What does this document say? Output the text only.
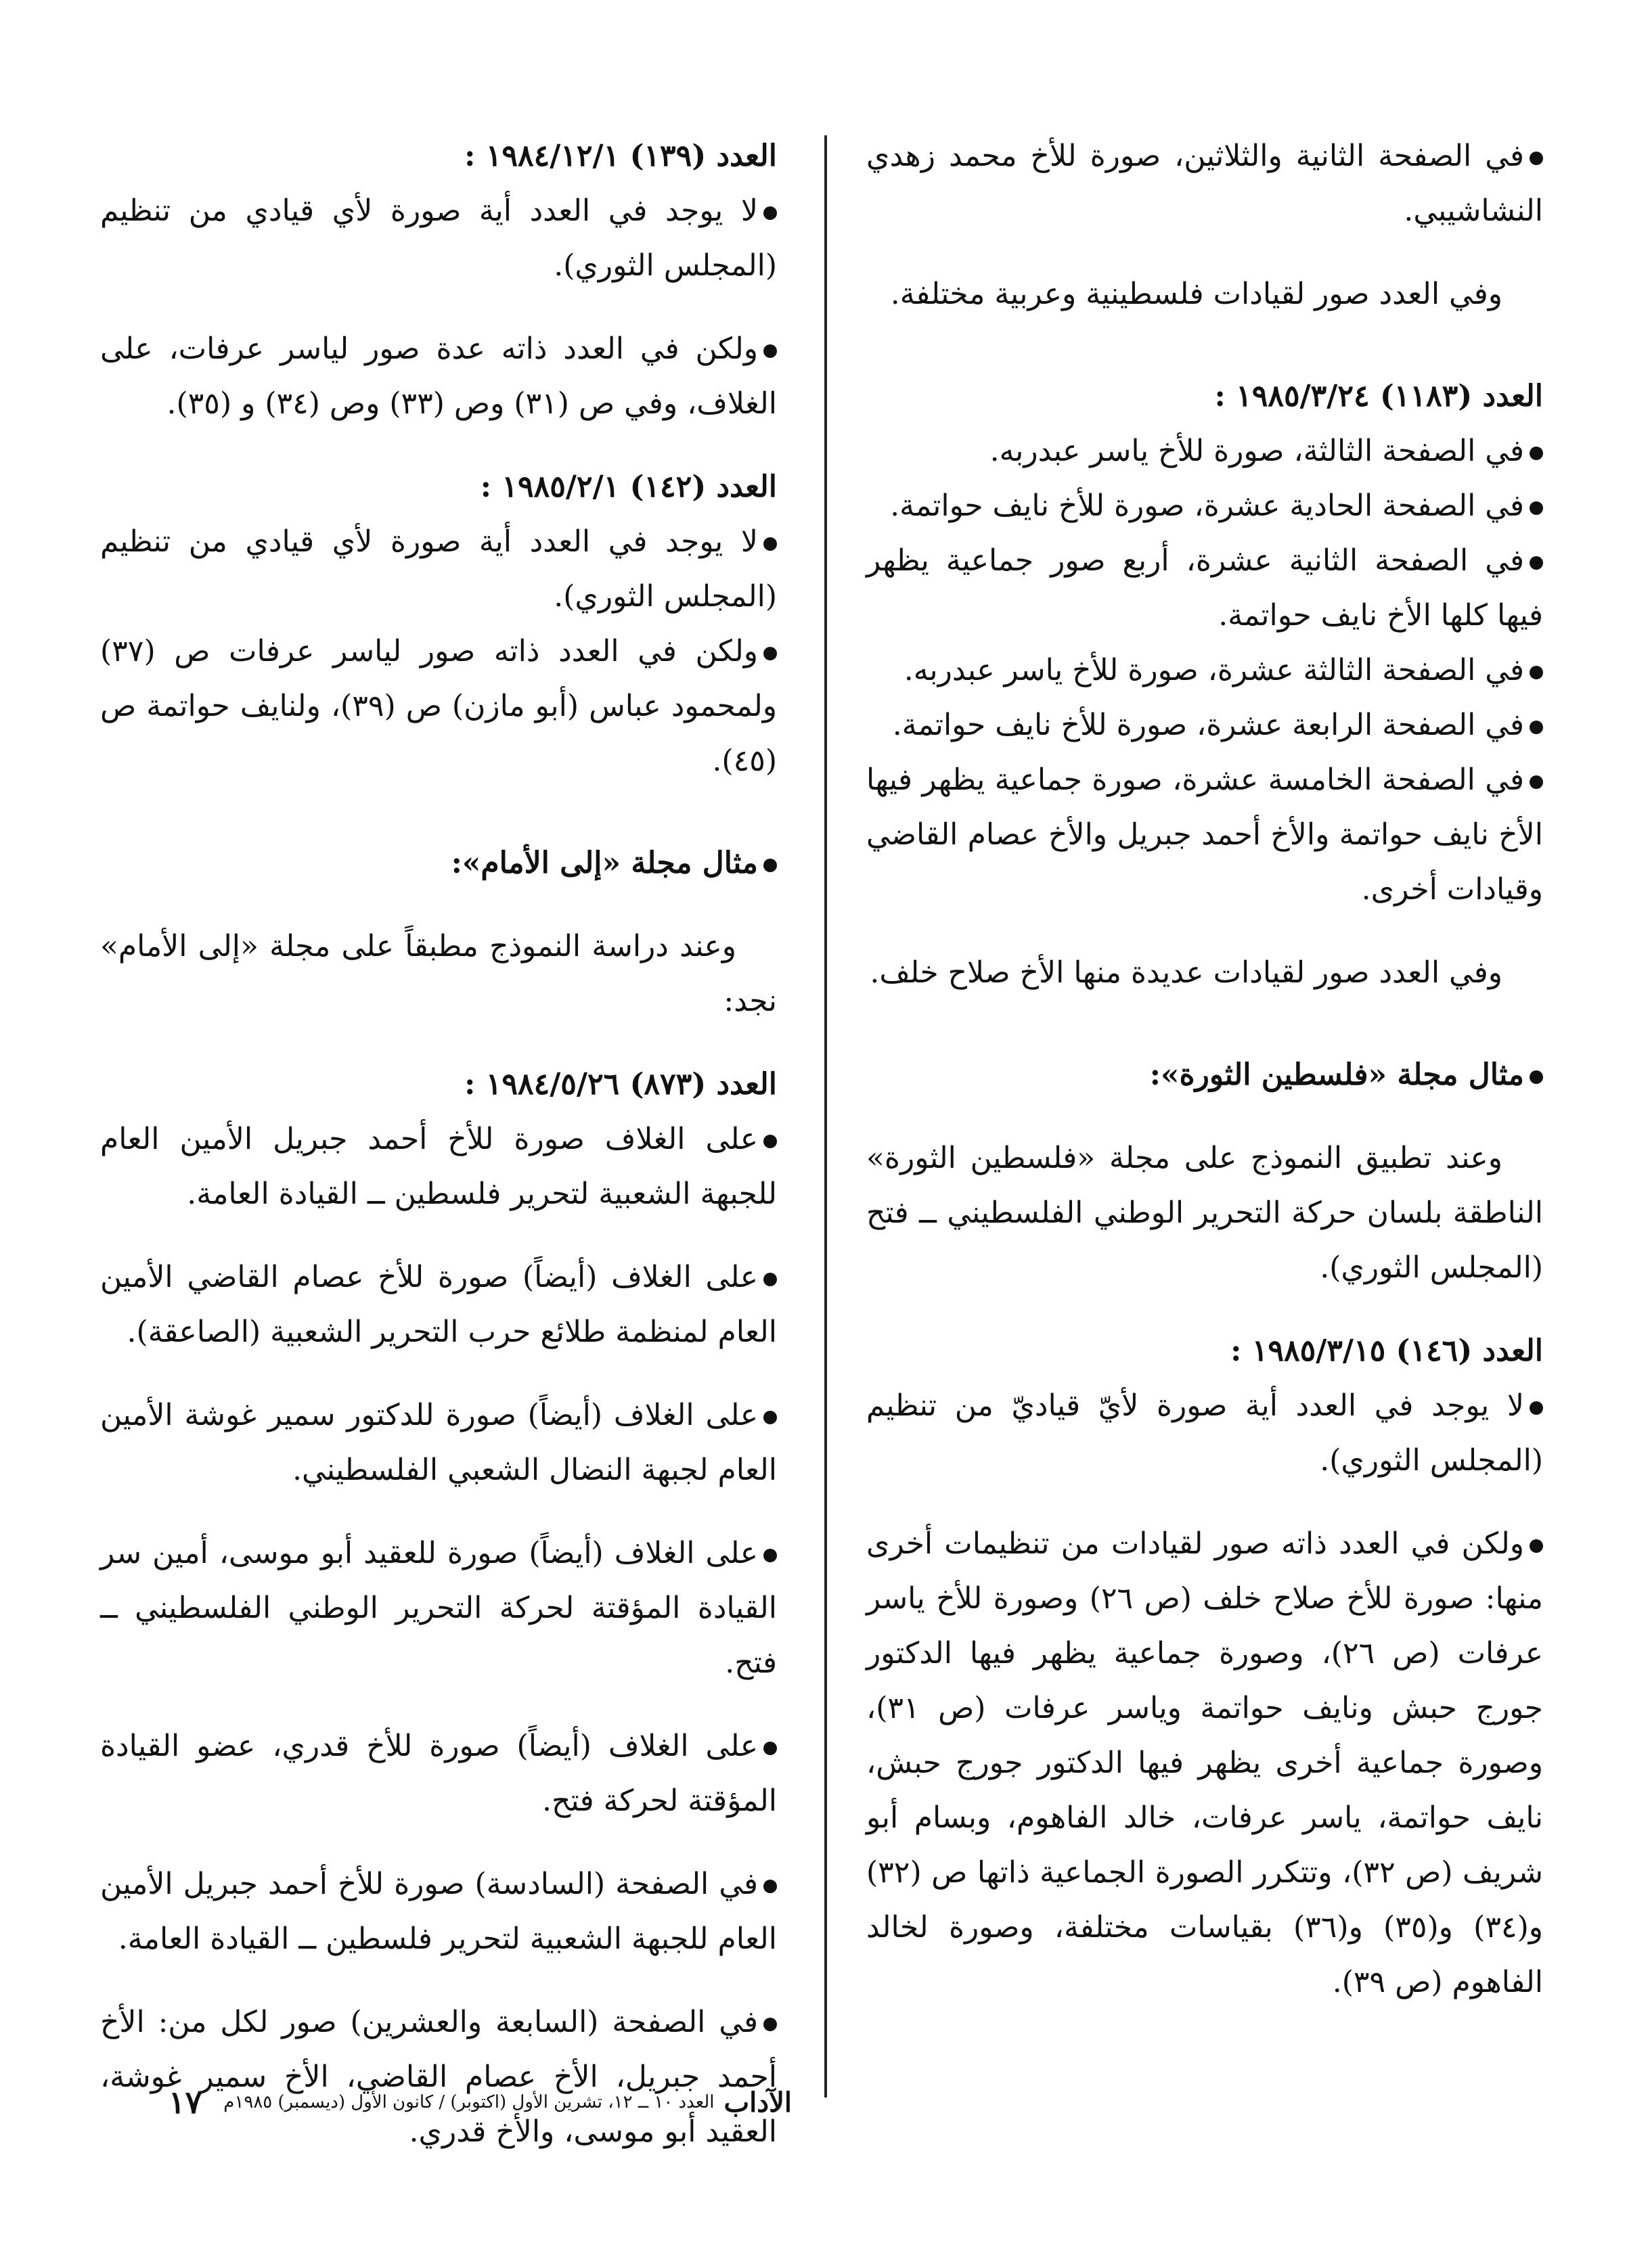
في الصفحة الثانية والثلاثين، صورة للأخ محمد زهدي النشاشيبي.

وفي العدد صور لقيادات فلسطينية وعربية مختلفة.

العدد (١١٨٣) ١٩٨٥/٣/٢٤ :

في الصفحة الثالثة، صورة للأخ ياسر عبدربه.

في الصفحة الحادية عشرة، صورة للأخ نايف حواتمة.

في الصفحة الثانية عشرة، أربع صور جماعية يظهر فيها كلها الأخ نايف حواتمة.

في الصفحة الثالثة عشرة، صورة للأخ ياسر عبدربه.

في الصفحة الرابعة عشرة، صورة للأخ نايف حواتمة.

في الصفحة الخامسة عشرة، صورة جماعية يظهر فيها الأخ نايف حواتمة والأخ أحمد جبريل والأخ عصام القاضي وقيادات أخرى.

وفي العدد صور لقيادات عديدة منها الأخ صلاح خلف.

مثال مجلة «فلسطين الثورة»:

وعند تطبيق النموذج على مجلة «فلسطين الثورة» الناطقة بلسان حركة التحرير الوطني الفلسطيني ــ فتح (المجلس الثوري).

العدد (١٤٦) ١٩٨٥/٣/١٥ :

لا يوجد في العدد أية صورة لأيّ قياديّ من تنظيم (المجلس الثوري).

ولكن في العدد ذاته صور لقيادات من تنظيمات أخرى منها: صورة للأخ صلاح خلف (ص ٢٦) وصورة للأخ ياسر عرفات (ص ٢٦)، وصورة جماعية يظهر فيها الدكتور جورج حبش ونايف حواتمة وياسر عرفات (ص ٣١)، وصورة جماعية أخرى يظهر فيها الدكتور جورج حبش، نايف حواتمة، ياسر عرفات، خالد الفاهوم، وبسام أبو شريف (ص ٣٢)، وتتكرر الصورة الجماعية ذاتها ص (٣٢) و(٣٤) و(٣٥) و(٣٦) بقياسات مختلفة، وصورة لخالد الفاهوم (ص ٣٩).

العدد (١٣٩) ١٩٨٤/١٢/١ :

لا يوجد في العدد أية صورة لأي قيادي من تنظيم (المجلس الثوري).

ولكن في العدد ذاته عدة صور لياسر عرفات، على الغلاف، وفي ص (٣١) وص (٣٣) وص (٣٤) و (٣٥).

العدد (١٤٢) ١٩٨٥/٢/١ :

لا يوجد في العدد أية صورة لأي قيادي من تنظيم (المجلس الثوري).

ولكن في العدد ذاته صور لياسر عرفات ص (٣٧) ولمحمود عباس (أبو مازن) ص (٣٩)، ولنايف حواتمة ص (٤٥).

مثال مجلة «إلى الأمام»:

وعند دراسة النموذج مطبقاً على مجلة «إلى الأمام» نجد:

العدد (٨٧٣) ١٩٨٤/٥/٢٦ :

على الغلاف صورة للأخ أحمد جبريل الأمين العام للجبهة الشعبية لتحرير فلسطين ــ القيادة العامة.

على الغلاف (أيضاً) صورة للأخ عصام القاضي الأمين العام لمنظمة طلائع حرب التحرير الشعبية (الصاعقة).

على الغلاف (أيضاً) صورة للدكتور سمير غوشة الأمين العام لجبهة النضال الشعبي الفلسطيني.

على الغلاف (أيضاً) صورة للعقيد أبو موسى، أمين سر القيادة المؤقتة لحركة التحرير الوطني الفلسطيني ــ فتح.

على الغلاف (أيضاً) صورة للأخ قدري، عضو القيادة المؤقتة لحركة فتح.

في الصفحة (السادسة) صورة للأخ أحمد جبريل الأمين العام للجبهة الشعبية لتحرير فلسطين ــ القيادة العامة.

في الصفحة (السابعة والعشرين) صور لكل من: الأخ أحمد جبريل، الأخ عصام القاضي، الأخ سمير غوشة، العقيد أبو موسى، والأخ قدري.

الآداب
العدد ١٠ ــ ١٢، تشرين الأول (اكتوبر) / كانون الأول (ديسمبر) ١٩٨٥م
١٧
